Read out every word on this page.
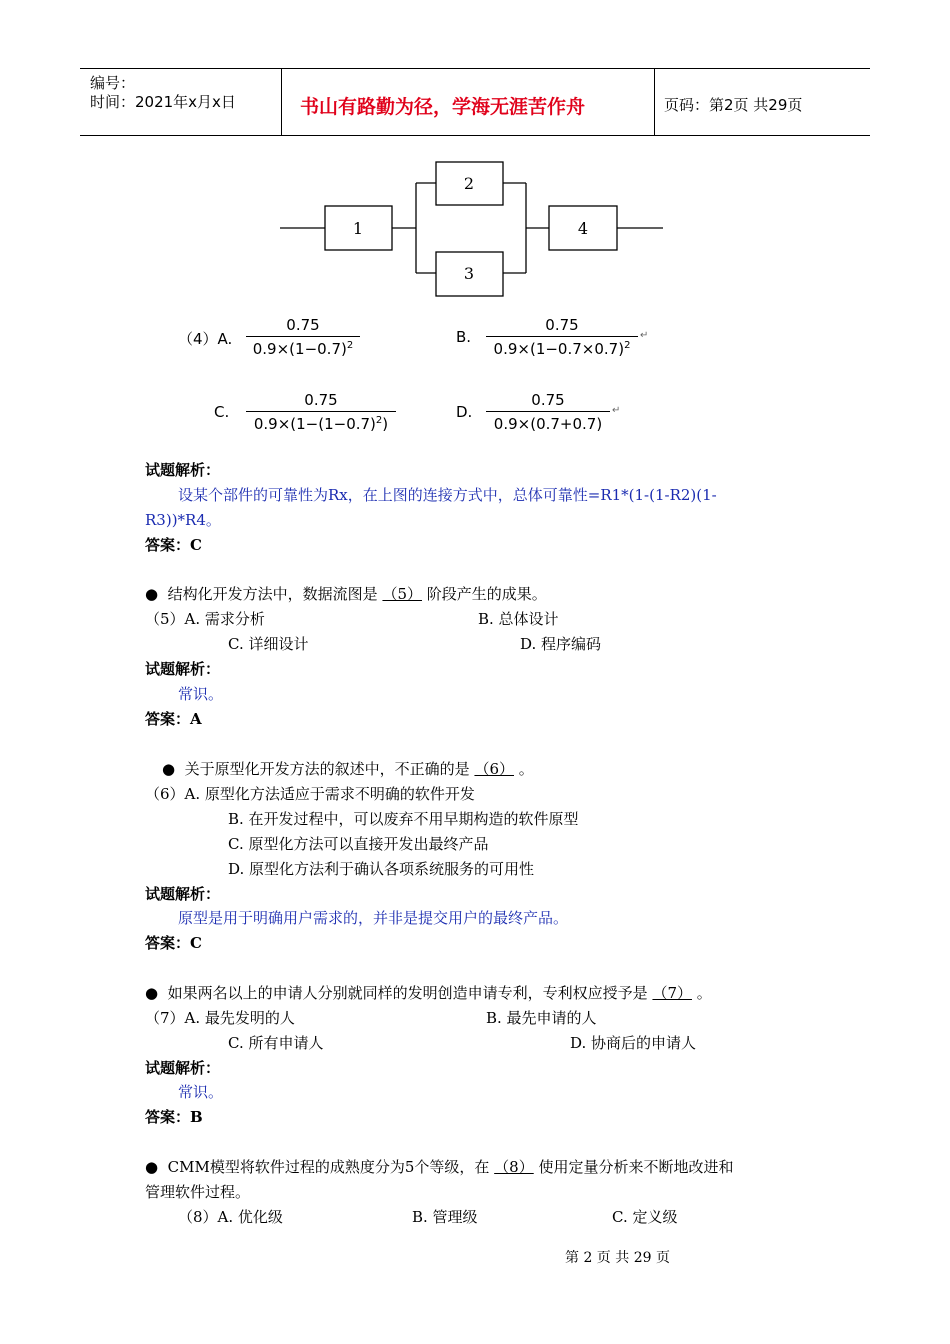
编号：
时间：2021年x月x日	书山有路勤为径，学海无涯苦作舟	页码：第2页 共29页
1
2
3
4
（4）A.
0.75
$0.9\times(1-0.7)^2$	B.
0.75
$0.9\times(1-0.7\times 0.7)^2$
↵
C.
0.75
$0.9\times(1-(1-0.7)^2)$
D.
0.75
0.9×(0.7+0.7)
↵
试题解析：
设某个部件的可靠性为Rx，在上图的连接方式中，总体可靠性=R1*(1-(1-R2)(1-
R3))*R4。
答案：C
● 结构化开发方法中，数据流图是 （5） 阶段产生的成果。
（5）A. 需求分析	B. 总体设计
C. 详细设计	D. 程序编码
试题解析：
常识。
答案：A
● 关于原型化开发方法的叙述中，不正确的是 （6） 。
（6）A. 原型化方法适应于需求不明确的软件开发
B. 在开发过程中，可以废弃不用早期构造的软件原型
C. 原型化方法可以直接开发出最终产品
D. 原型化方法利于确认各项系统服务的可用性
试题解析：
原型是用于明确用户需求的，并非是提交用户的最终产品。
答案：C
● 如果两名以上的申请人分别就同样的发明创造申请专利，专利权应授予是 （7） 。
（7）A. 最先发明的人	B. 最先申请的人
C. 所有申请人	D. 协商后的申请人
试题解析：
常识。
答案：B
● CMM模型将软件过程的成熟度分为5个等级，在 （8） 使用定量分析来不断地改进和
管理软件过程。
（8）A. 优化级	B. 管理级	C. 定义级
第 2 页 共 29 页
